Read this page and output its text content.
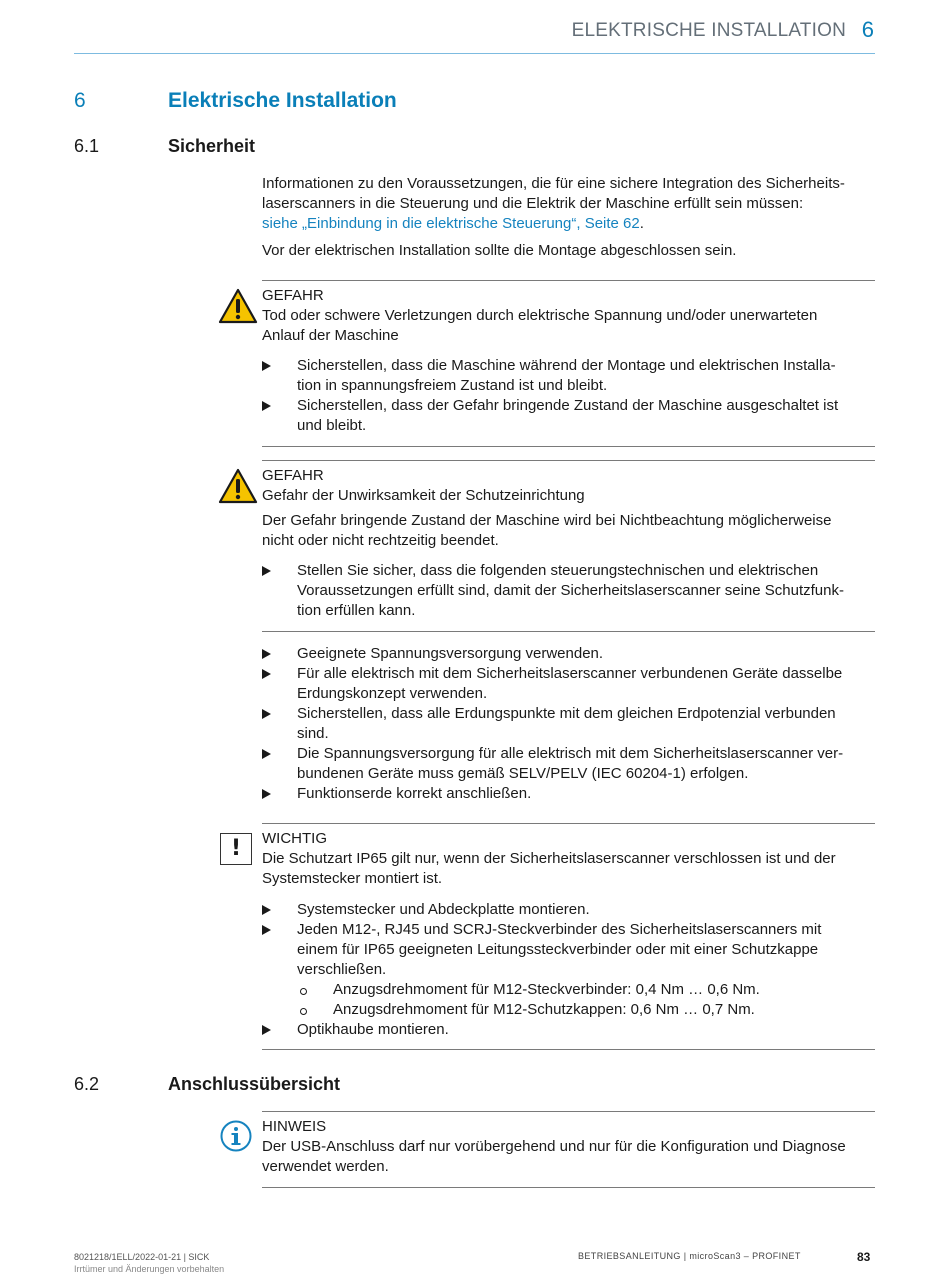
ELEKTRISCHE INSTALLATION 6
6	Elektrische Installation
6.1	Sicherheit

Informationen zu den Voraussetzungen, die für eine sichere Integration des Sicherheits-

laserscanners in die Steuerung und die Elektrik der Maschine erfüllt sein müssen:

siehe „Einbindung in die elektrische Steuerung“, Seite 62.

Vor der elektrischen Installation sollte die Montage abgeschlossen sein.

GEFAHR

Tod oder schwere Verletzungen durch elektrische Spannung und/oder unerwarteten

Anlauf der Maschine

Sicherstellen, dass die Maschine während der Montage und elektrischen Installa-
tion in spannungsfreiem Zustand ist und bleibt.
Sicherstellen, dass der Gefahr bringende Zustand der Maschine ausgeschaltet ist
und bleibt.

GEFAHR

Gefahr der Unwirksamkeit der Schutzeinrichtung

Der Gefahr bringende Zustand der Maschine wird bei Nichtbeachtung möglicherweise

nicht oder nicht rechtzeitig beendet.

Stellen Sie sicher, dass die folgenden steuerungstechnischen und elektrischen
Voraussetzungen erfüllt sind, damit der Sicherheitslaserscanner seine Schutzfunk-
tion erfüllen kann.
Geeignete Spannungsversorgung verwenden.
Für alle elektrisch mit dem Sicherheitslaserscanner verbundenen Geräte dasselbe
Erdungskonzept verwenden.
Sicherstellen, dass alle Erdungspunkte mit dem gleichen Erdpotenzial verbunden
sind.
Die Spannungsversorgung für alle elektrisch mit dem Sicherheitslaserscanner ver-
bundenen Geräte muss gemäß SELV/PELV (IEC 60204-1) erfolgen.
Funktionserde korrekt anschließen.
!	WICHTIG

Die Schutzart IP65 gilt nur, wenn der Sicherheitslaserscanner verschlossen ist und der

Systemstecker montiert ist.

Systemstecker und Abdeckplatte montieren.
Jeden M12-, RJ45 und SCRJ-Steckverbinder des Sicherheitslaserscanners mit
einem für IP65 geeigneten Leitungssteckverbinder oder mit einer Schutzkappe
verschließen.
Anzugsdrehmoment für M12-Steckverbinder: 0,4 Nm … 0,6 Nm.
Anzugsdrehmoment für M12-Schutzkappen: 0,6 Nm … 0,7 Nm.
Optikhaube montieren.
6.2	Anschlussübersicht

HINWEIS

Der USB-Anschluss darf nur vorübergehend und nur für die Konfiguration und Diagnose

verwendet werden.

8021218/1ELL/2022-01-21 | SICK
Irrtümer und Änderungen vorbehalten
BETRIEBSANLEITUNG | microScan3 – PROFINET	83
